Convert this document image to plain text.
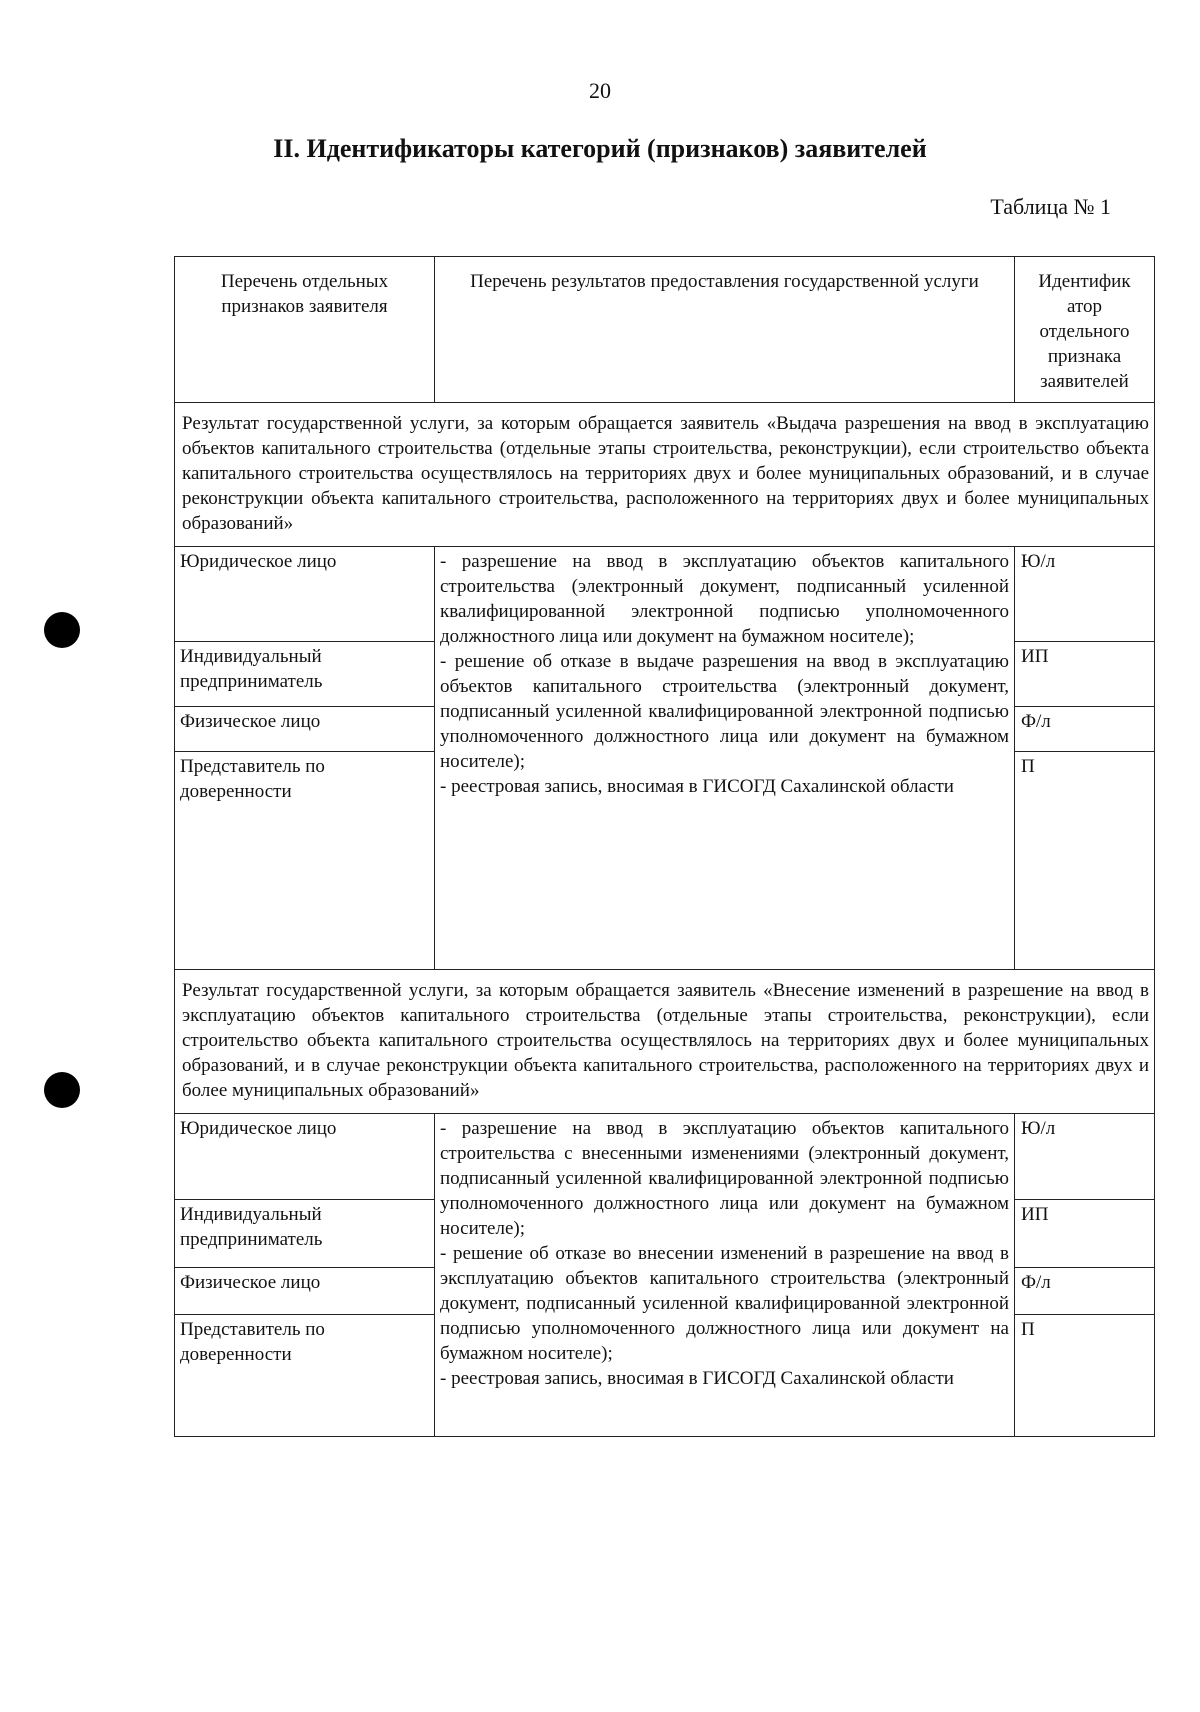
20
II. Идентификаторы категорий (признаков) заявителей
Таблица № 1
Перечень отдельных признаков заявителя	Перечень результатов предоставления государственной услуги	Идентифик атор отдельного признака заявителей
Результат государственной услуги, за которым обращается заявитель «Выдача разрешения на ввод в эксплуатацию объектов капитального строительства (отдельные этапы строительства, реконструкции), если строительство объекта капитального строительства осуществлялось на территориях двух и более муниципальных образований, и в случае реконструкции объекта капитального строительства, расположенного на территориях двух и более муниципальных образований»		
Юридическое лицо	- разрешение на ввод в эксплуатацию объектов капитального строительства (электронный документ, подписанный усиленной квалифицированной электронной подписью уполномоченного должностного лица или документ на бумажном носителе);
- решение об отказе в выдаче разрешения на ввод в эксплуатацию объектов капитального строительства (электронный документ, подписанный усиленной квалифицированной электронной подписью уполномоченного должностного лица или документ на бумажном носителе);
- реестровая запись, вносимая в ГИСОГД Сахалинской области	Ю/л
Индивидуальный предприниматель		ИП
Физическое лицо		Ф/л
Представитель по доверенности		П
Результат государственной услуги, за которым обращается заявитель «Внесение изменений в разрешение на ввод в эксплуатацию объектов капитального строительства (отдельные этапы строительства, реконструкции), если строительство объекта капитального строительства осуществлялось на территориях двух и более муниципальных образований, и в случае реконструкции объекта капитального строительства, расположенного на территориях двух и более муниципальных образований»		
Юридическое лицо	- разрешение на ввод в эксплуатацию объектов капитального строительства с внесенными изменениями (электронный документ, подписанный усиленной квалифицированной электронной подписью уполномоченного должностного лица или документ на бумажном носителе);
- решение об отказе во внесении изменений в разрешение на ввод в эксплуатацию объектов капитального строительства (электронный документ, подписанный усиленной квалифицированной электронной подписью уполномоченного должностного лица или документ на бумажном носителе);
- реестровая запись, вносимая в ГИСОГД Сахалинской области	Ю/л
Индивидуальный предприниматель		ИП
Физическое лицо		Ф/л
Представитель по доверенности		П
